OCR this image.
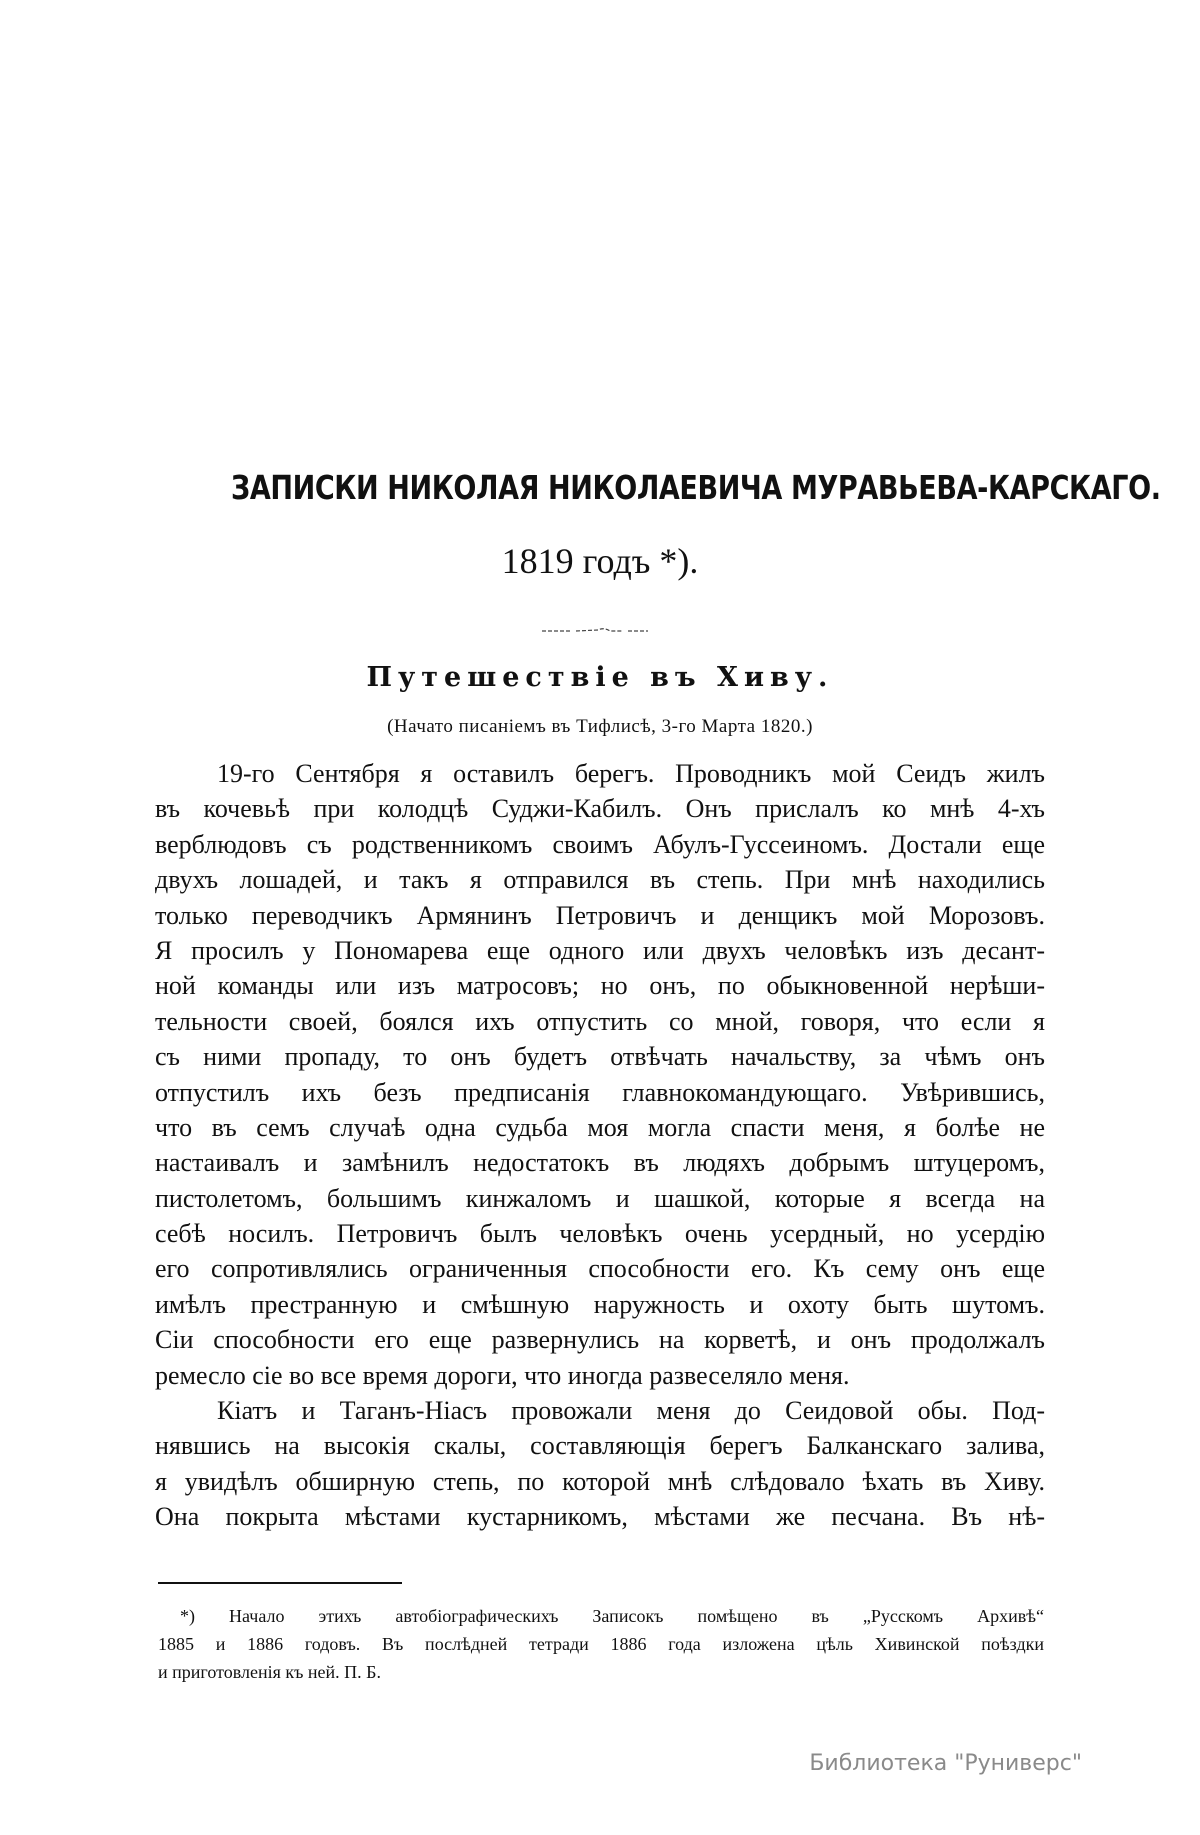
ЗАПИСКИ НИКОЛАЯ НИКОЛАЕВИЧА МУРАВЬЕВА-КАРСКАГО.
1819 годъ *).
Путешествіе въ Хиву.
(Начато писаніемъ въ Тифлисѣ, 3-го Марта 1820.)
19-го Сентября я оставилъ берегъ. Проводникъ мой Сеидъ жилъ
въ кочевьѣ при колодцѣ Суджи-Кабилъ. Онъ прислалъ ко мнѣ 4-хъ
верблюдовъ съ родственникомъ своимъ Абулъ-Гуссеиномъ. Достали еще
двухъ лошадей, и такъ я отправился въ степь. При мнѣ находились
только переводчикъ Армянинъ Петровичъ и денщикъ мой Морозовъ.
Я просилъ у Пономарева еще одного или двухъ человѣкъ изъ десант-
ной команды или изъ матросовъ; но онъ, по обыкновенной нерѣши-
тельности своей, боялся ихъ отпустить со мной, говоря, что если я
съ ними пропаду, то онъ будетъ отвѣчать начальству, за чѣмъ онъ
отпустилъ ихъ безъ предписанія главнокомандующаго. Увѣрившись,
что въ семъ случаѣ одна судьба моя могла спасти меня, я болѣе не
настаивалъ и замѣнилъ недостатокъ въ людяхъ добрымъ штуцеромъ,
пистолетомъ, большимъ кинжаломъ и шашкой, которые я всегда на
себѣ носилъ. Петровичъ былъ человѣкъ очень усердный, но усердію
его сопротивлялись ограниченныя способности его. Къ сему онъ еще
имѣлъ престранную и смѣшную наружность и охоту быть шутомъ.
Сіи способности его еще развернулись на корветѣ, и онъ продолжалъ
ремесло сіе во все время дороги, что иногда развеселяло меня.
Кіатъ и Таганъ-Ніасъ провожали меня до Сеидовой обы. Под-
нявшись на высокія скалы, составляющія берегъ Балканскаго залива,
я увидѣлъ обширную степь, по которой мнѣ слѣдовало ѣхать въ Хиву.
Она покрыта мѣстами кустарникомъ, мѣстами же песчана. Въ нѣ-
*) Начало этихъ автобіографическихъ Записокъ помѣщено въ „Русскомъ Архивѣ“
1885 и 1886 годовъ. Въ послѣдней тетради 1886 года изложена цѣль Хивинской поѣздки
и приготовленія къ ней. П. Б.
Библиотека "Руниверс"
